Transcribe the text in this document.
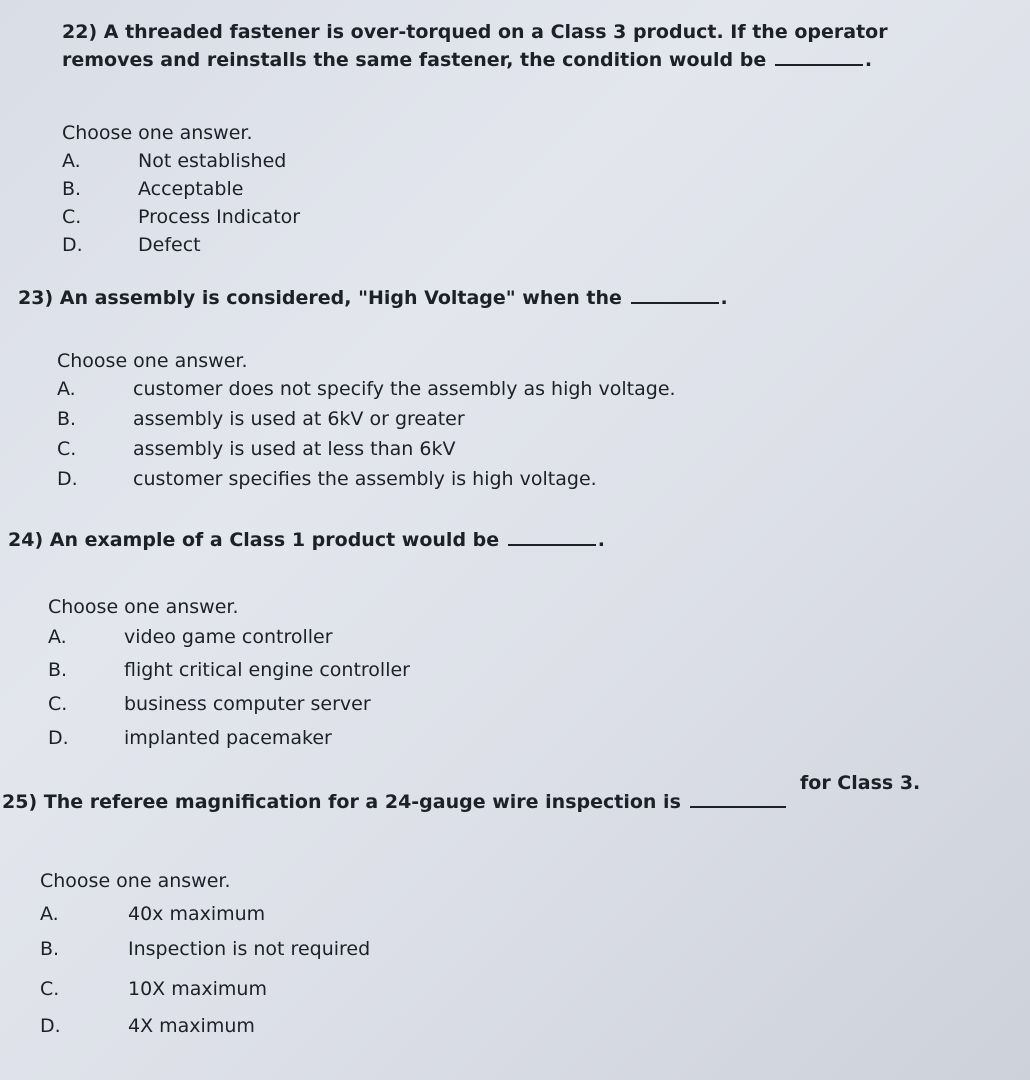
22) A threaded fastener is over-torqued on a Class 3 product. If the operator removes and reinstalls the same fastener, the condition would be	.
Choose one answer.
A.	Not established
B.	Acceptable
C.	Process Indicator
D.	Defect
23) An assembly is considered, "High Voltage" when the	.
Choose one answer.
A.	customer does not specify the assembly as high voltage.
B.	assembly is used at 6kV or greater
C.	assembly is used at less than 6kV
D.	customer specifies the assembly is high voltage.
24) An example of a Class 1 product would be	.
Choose one answer.
A.	video game controller
B.	flight critical engine controller
C.	business computer server
D.	implanted pacemaker
25) The referee magnification for a 24-gauge wire inspection is
for Class 3.
Choose one answer.
A.	40x maximum
B.	Inspection is not required
C.	10X maximum
D.	4X maximum
